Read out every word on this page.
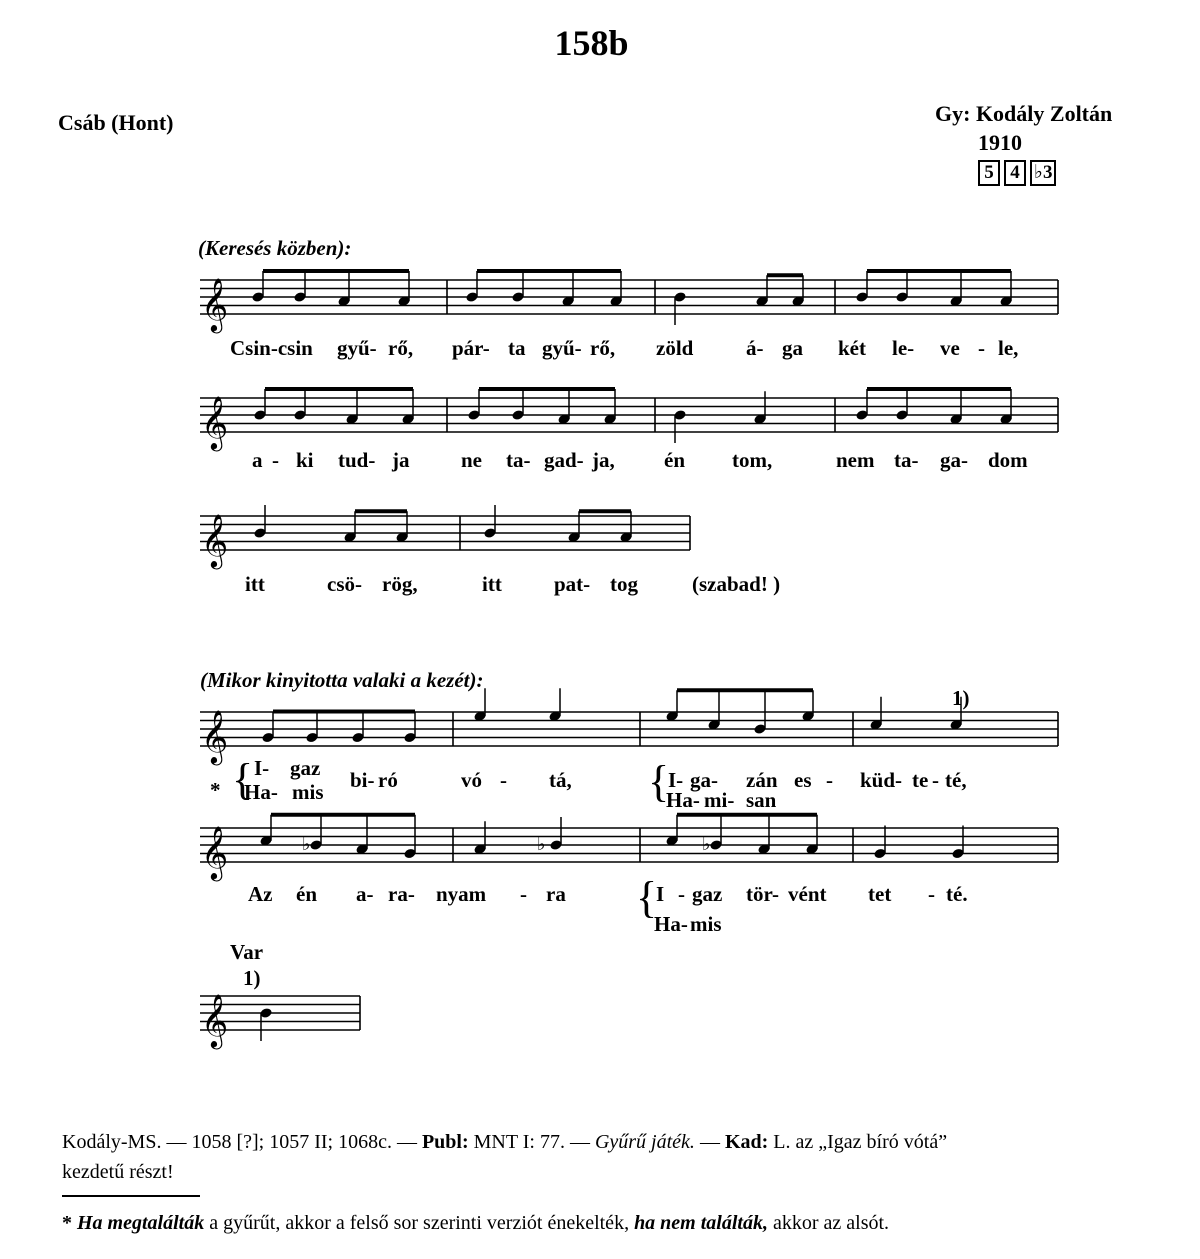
158b
Csáb (Hont)	Gy: Kodály Zoltán
1910
5 4 ♭3
(Keresés közben):
(Mikor kinyitotta valaki a kezét):
𝄞
𝄞
𝄞
𝄞
𝄞	♭	♭	♭
𝄞
Csin-csin gyű- rő, pár- ta gyű- rő, zöld	á- ga két le- ve - le,
a - ki tud- ja ne ta- gad- ja, én tom,	nem ta- ga- dom
itt	csö- rög,	itt pat- tog	(szabad! )
1)
* { I- gaz
Ha- mis bi- ró	vó - tá, {
I- ga- zán es - küd- te - té,
Ha- mi- san
Az én a- ra- nyam - ra {
I - gaz tör- vént tet - té.
Ha- mis
Var
1)
Kodály-MS. — 1058 [?]; 1057 II; 1068c. — Publ: MNT I: 77. — Gyűrű játék. — Kad: L. az „Igaz bíró vótá”
kezdetű részt!
* Ha megtalálták a gyűrűt, akkor a felső sor szerinti verziót énekelték, ha nem találták, akkor az alsót.
